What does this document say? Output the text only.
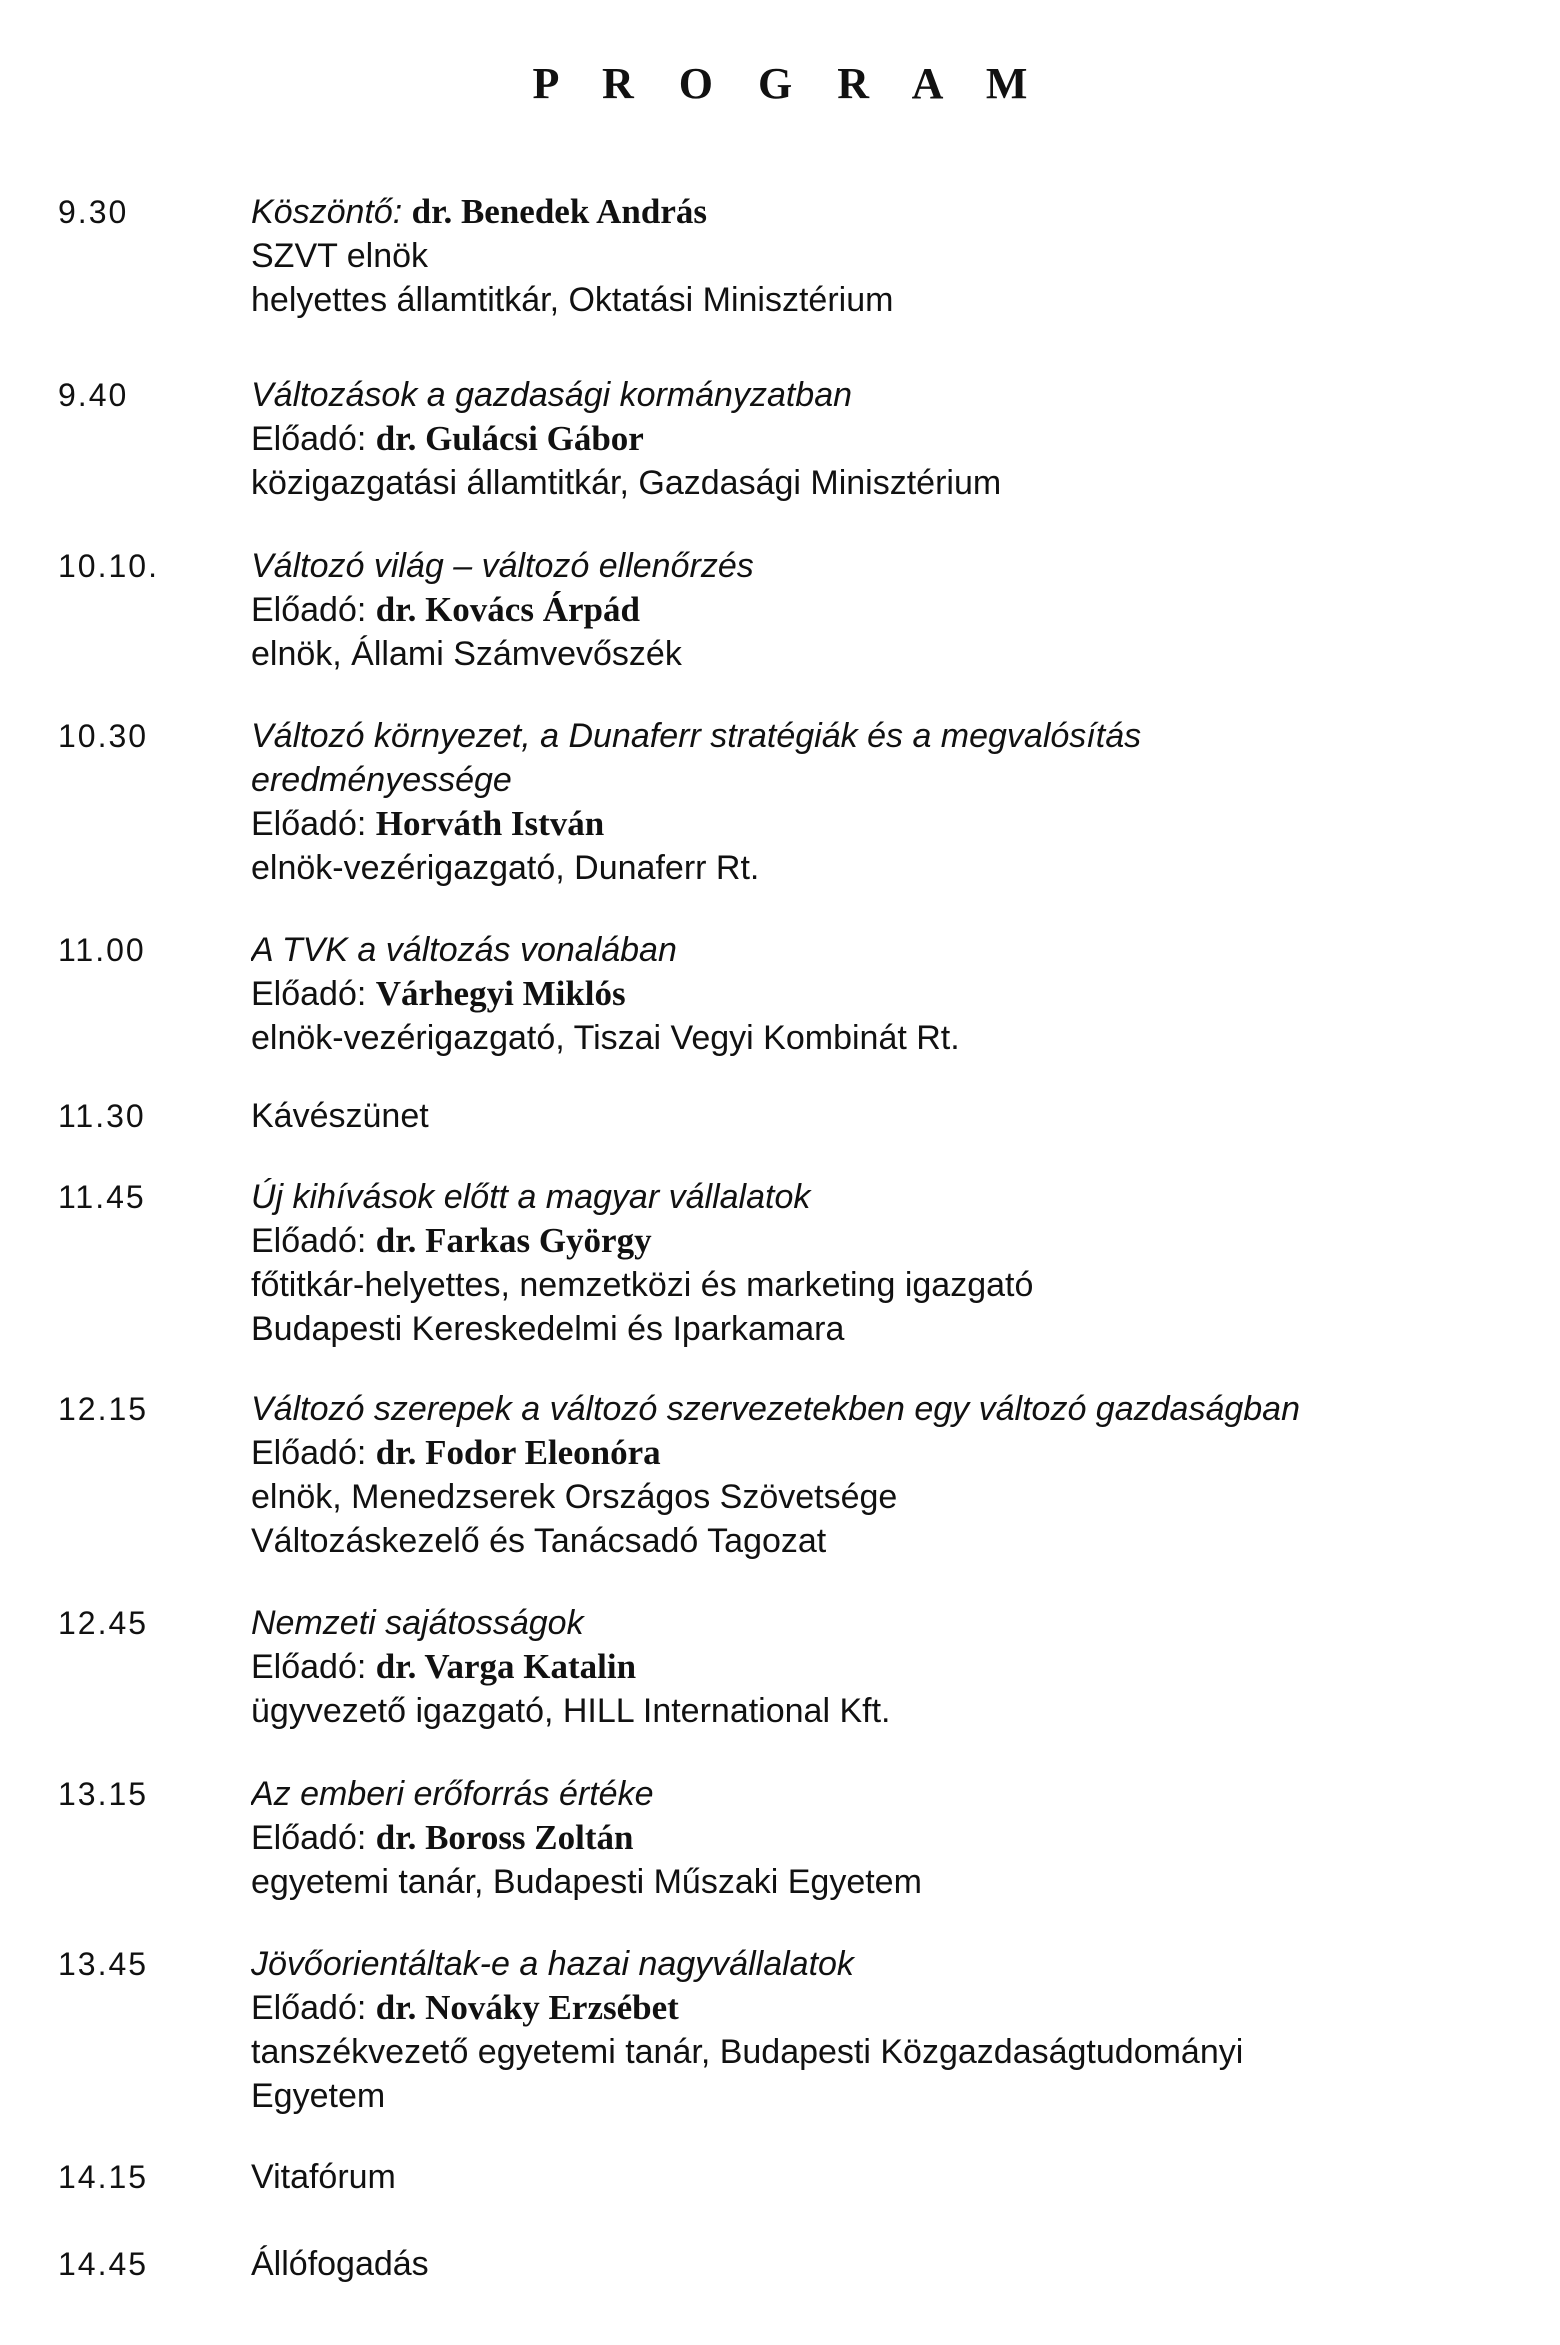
P R O G R A M
9.30	Köszöntő: dr. Benedek András
SZVT elnök
helyettes államtitkár, Oktatási Minisztérium
9.40	Változások a gazdasági kormányzatban
Előadó: dr. Gulácsi Gábor
közigazgatási államtitkár, Gazdasági Minisztérium
10.10.	Változó világ – változó ellenőrzés
Előadó: dr. Kovács Árpád
elnök, Állami Számvevőszék
10.30	Változó környezet, a Dunaferr stratégiák és a megvalósítás
eredményessége
Előadó: Horváth István
elnök-vezérigazgató, Dunaferr Rt.
11.00	A TVK a változás vonalában
Előadó: Várhegyi Miklós
elnök-vezérigazgató, Tiszai Vegyi Kombinát Rt.
11.30	Kávészünet
11.45	Új kihívások előtt a magyar vállalatok
Előadó: dr. Farkas György
főtitkár-helyettes, nemzetközi és marketing igazgató
Budapesti Kereskedelmi és Iparkamara
12.15	Változó szerepek a változó szervezetekben egy változó gazdaságban
Előadó: dr. Fodor Eleonóra
elnök, Menedzserek Országos Szövetsége
Változáskezelő és Tanácsadó Tagozat
12.45	Nemzeti sajátosságok
Előadó: dr. Varga Katalin
ügyvezető igazgató, HILL International Kft.
13.15	Az emberi erőforrás értéke
Előadó: dr. Boross Zoltán
egyetemi tanár, Budapesti Műszaki Egyetem
13.45	Jövőorientáltak-e a hazai nagyvállalatok
Előadó: dr. Nováky Erzsébet
tanszékvezető egyetemi tanár, Budapesti Közgazdaságtudományi
Egyetem
14.15	Vitafórum
14.45	Állófogadás
